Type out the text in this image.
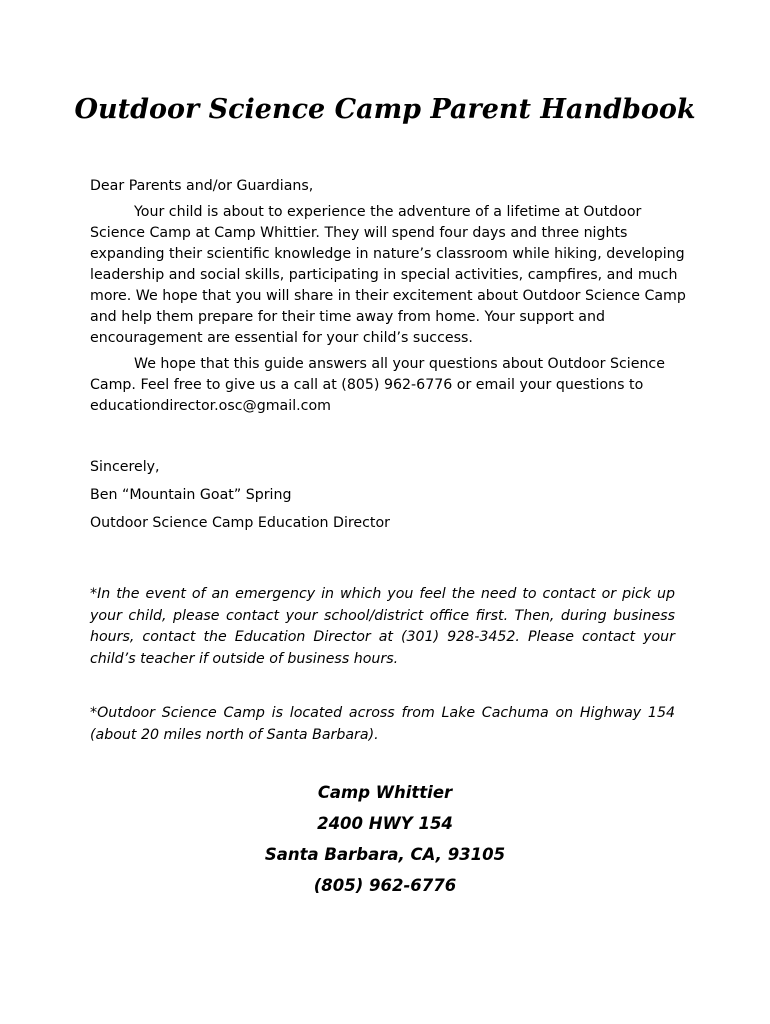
Outdoor Science Camp Parent Handbook

Dear Parents and/or Guardians,

Your child is about to experience the adventure of a lifetime at Outdoor Science Camp at Camp Whittier. They will spend four days and three nights expanding their scientific knowledge in nature’s classroom while hiking, developing leadership and social skills, participating in special activities, campfires, and much more. We hope that you will share in their excitement about Outdoor Science Camp and help them prepare for their time away from home. Your support and encouragement are essential for your child’s success.

We hope that this guide answers all your questions about Outdoor Science Camp. Feel free to give us a call at (805) 962-6776 or email your questions to educationdirector.osc@gmail.com

Sincerely,

Ben “Mountain Goat” Spring

Outdoor Science Camp Education Director

*In the event of an emergency in which you feel the need to contact or pick up your child, please contact your school/district office first. Then, during business hours, contact the Education Director at (301) 928-3452. Please contact your child’s teacher if outside of business hours.

*Outdoor Science Camp is located across from Lake Cachuma on Highway 154 (about 20 miles north of Santa Barbara).

Camp Whittier
2400 HWY 154
Santa Barbara, CA, 93105
(805) 962-6776
